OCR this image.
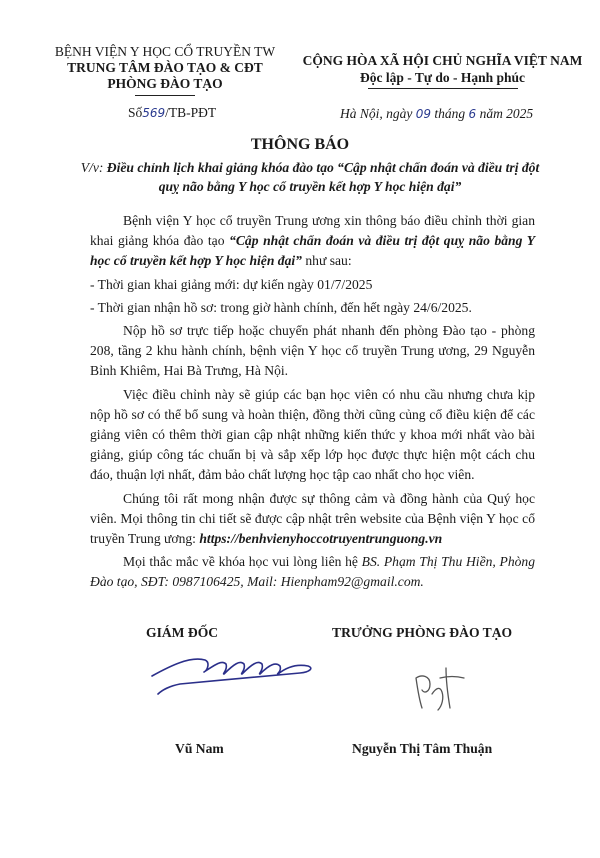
BỆNH VIỆN Y HỌC CỔ TRUYỀN TW
TRUNG TÂM ĐÀO TẠO & CĐT
PHÒNG ĐÀO TẠO
Số569/TB-PĐT
CỘNG HÒA XÃ HỘI CHỦ NGHĨA VIỆT NAM
Độc lập - Tự do - Hạnh phúc
Hà Nội, ngày 09 tháng 6 năm 2025
THÔNG BÁO
V/v: Điều chỉnh lịch khai giảng khóa đào tạo “Cập nhật chẩn đoán và điều trị đột quỵ não bằng Y học cổ truyền kết hợp Y học hiện đại”

Bệnh viện Y học cổ truyền Trung ương xin thông báo điều chỉnh thời gian khai giảng khóa đào tạo “Cập nhật chẩn đoán và điều trị đột quỵ não bằng Y học cổ truyền kết hợp Y học hiện đại” như sau:

- Thời gian khai giảng mới: dự kiến ngày 01/7/2025

- Thời gian nhận hồ sơ: trong giờ hành chính, đến hết ngày 24/6/2025.

Nộp hồ sơ trực tiếp hoặc chuyển phát nhanh đến phòng Đào tạo - phòng 208, tầng 2 khu hành chính, bệnh viện Y học cổ truyền Trung ương, 29 Nguyễn Bỉnh Khiêm, Hai Bà Trưng, Hà Nội.

Việc điều chỉnh này sẽ giúp các bạn học viên có nhu cầu nhưng chưa kịp nộp hồ sơ có thể bổ sung và hoàn thiện, đồng thời cũng củng cố điều kiện để các giảng viên có thêm thời gian cập nhật những kiến thức y khoa mới nhất vào bài giảng, giúp công tác chuẩn bị và sắp xếp lớp học được thực hiện một cách chu đáo, thuận lợi nhất, đảm bảo chất lượng học tập cao nhất cho học viên.

Chúng tôi rất mong nhận được sự thông cảm và đồng hành của Quý học viên. Mọi thông tin chi tiết sẽ được cập nhật trên website của Bệnh viện Y học cổ truyền Trung ương: https://benhvienyhoccotruyentrunguong.vn

Mọi thắc mắc về khóa học vui lòng liên hệ BS. Phạm Thị Thu Hiền, Phòng Đào tạo, SĐT: 0987106425, Mail: Hienpham92@gmail.com.

GIÁM ĐỐC	TRƯỞNG PHÒNG ĐÀO TẠO
Vũ Nam	Nguyễn Thị Tâm Thuận
